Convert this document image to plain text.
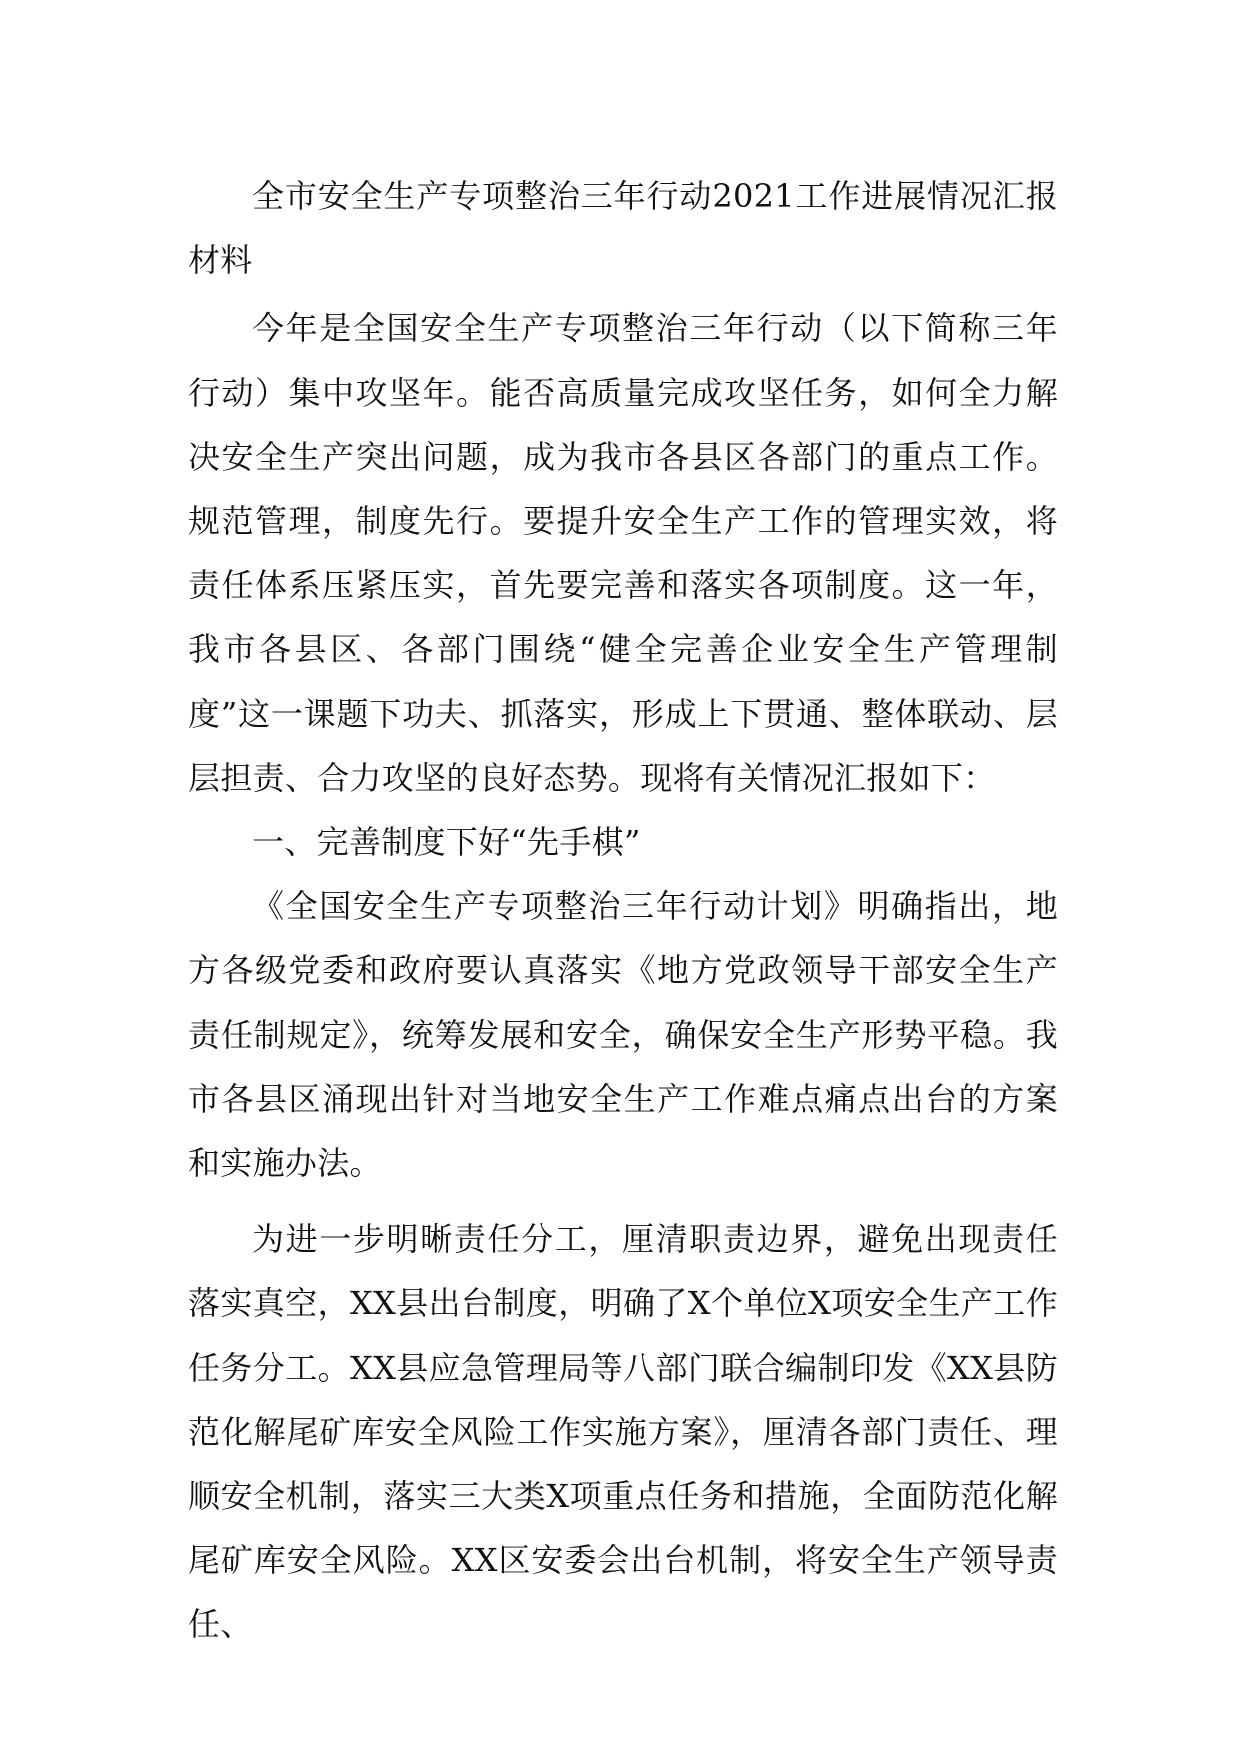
全市安全生产专项整治三年行动2021工作进展情况汇报材料

今年是全国安全生产专项整治三年行动（以下简称三年行动）集中攻坚年。能否高质量完成攻坚任务，如何全力解决安全生产突出问题，成为我市各县区各部门的重点工作。规范管理，制度先行。要提升安全生产工作的管理实效，将责任体系压紧压实，首先要完善和落实各项制度。这一年，我市各县区、各部门围绕“健全完善企业安全生产管理制度”这一课题下功夫、抓落实，形成上下贯通、整体联动、层层担责、合力攻坚的良好态势。现将有关情况汇报如下：

一、完善制度下好“先手棋”

《全国安全生产专项整治三年行动计划》明确指出，地方各级党委和政府要认真落实《地方党政领导干部安全生产责任制规定》，统筹发展和安全，确保安全生产形势平稳。我市各县区涌现出针对当地安全生产工作难点痛点出台的方案和实施办法。

为进一步明晰责任分工，厘清职责边界，避免出现责任落实真空，XX县出台制度，明确了X个单位X项安全生产工作任务分工。XX县应急管理局等八部门联合编制印发《XX县防范化解尾矿库安全风险工作实施方案》，厘清各部门责任、理顺安全机制，落实三大类X项重点任务和措施，全面防范化解尾矿库安全风险。XX区安委会出台机制，将安全生产领导责任、
